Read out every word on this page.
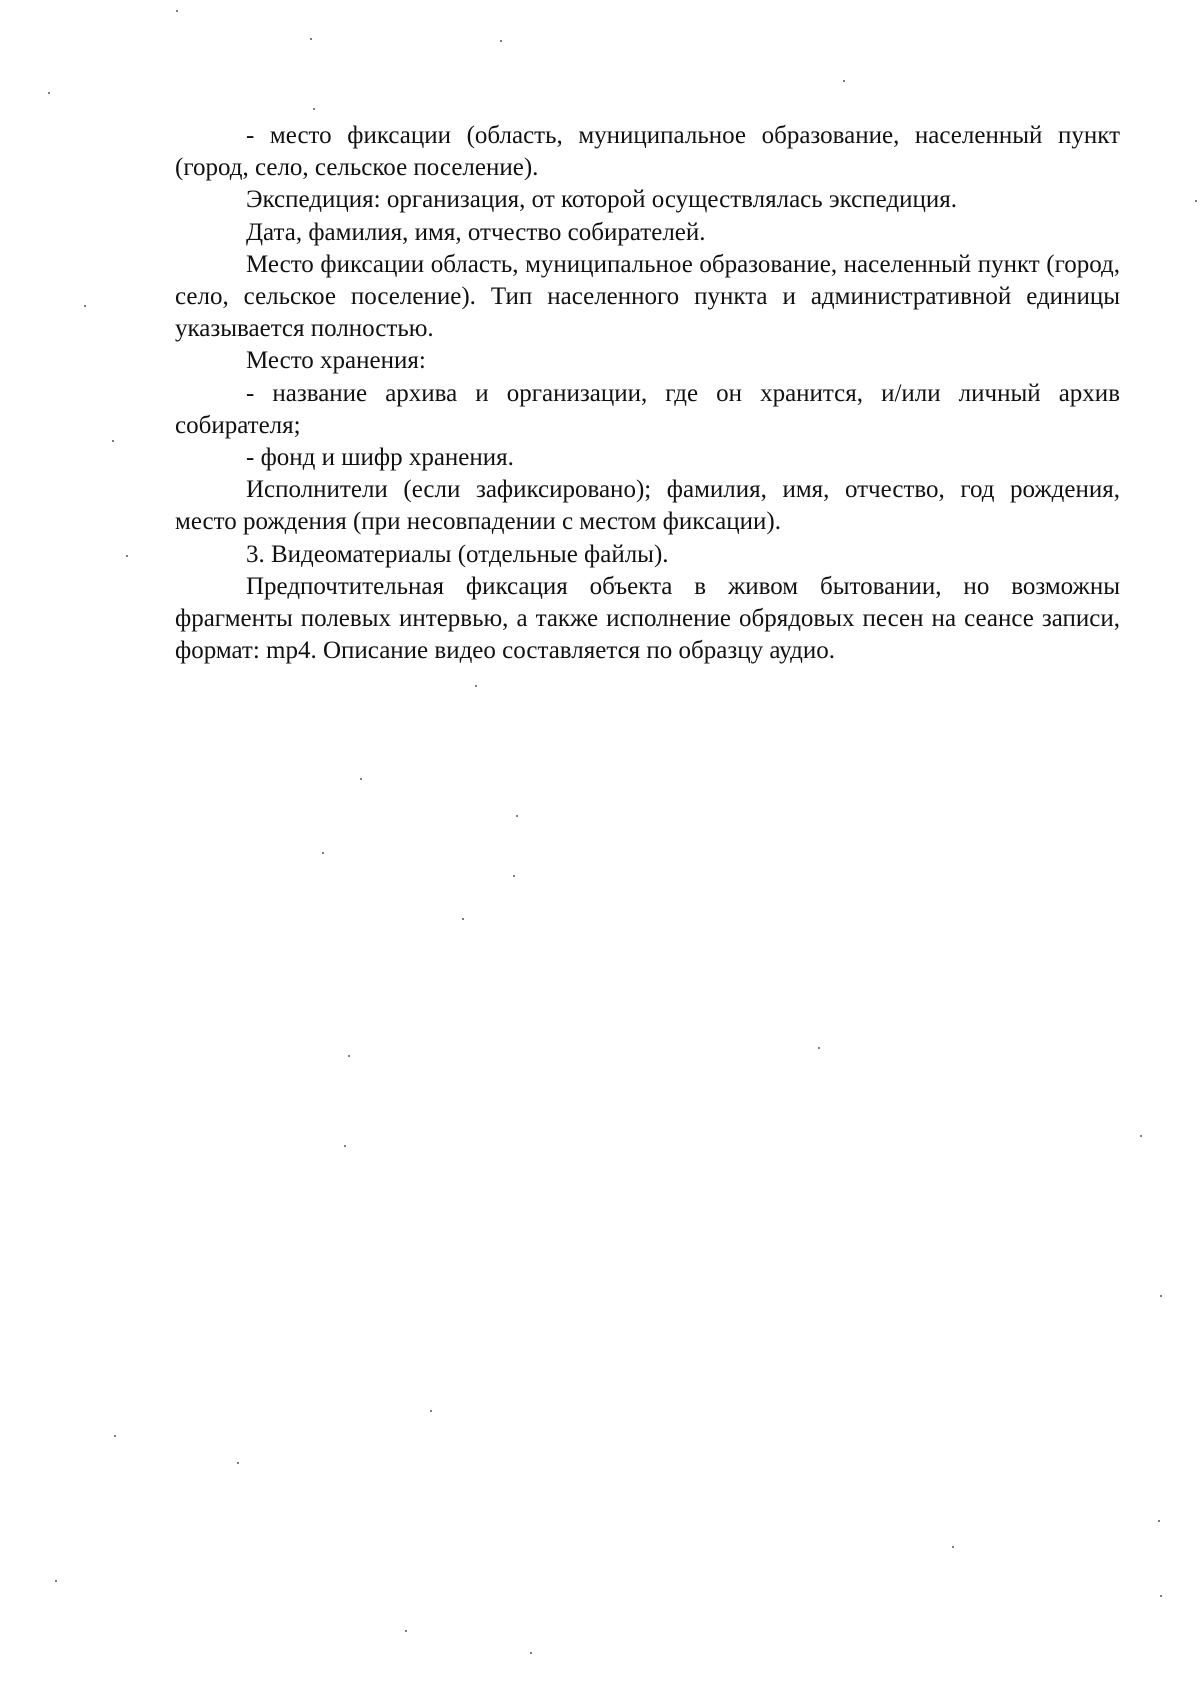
- место фиксации (область, муниципальное образование, населенный пункт (город, село, сельское поселение).

Экспедиция: организация, от которой осуществлялась экспедиция.

Дата, фамилия, имя, отчество собирателей.

Место фиксации область, муниципальное образование, населенный пункт (город, село, сельское поселение). Тип населенного пункта и административной единицы указывается полностью.

Место хранения:

- название архива и организации, где он хранится, и/или личный архив собирателя;

- фонд и шифр хранения.

Исполнители (если зафиксировано); фамилия, имя, отчество, год рождения, место рождения (при несовпадении с местом фиксации).

3. Видеоматериалы (отдельные файлы).

Предпочтительная фиксация объекта в живом бытовании, но возможны фрагменты полевых интервью, а также исполнение обрядовых песен на сеансе записи, формат: mp4. Описание видео составляется по образцу аудио.
